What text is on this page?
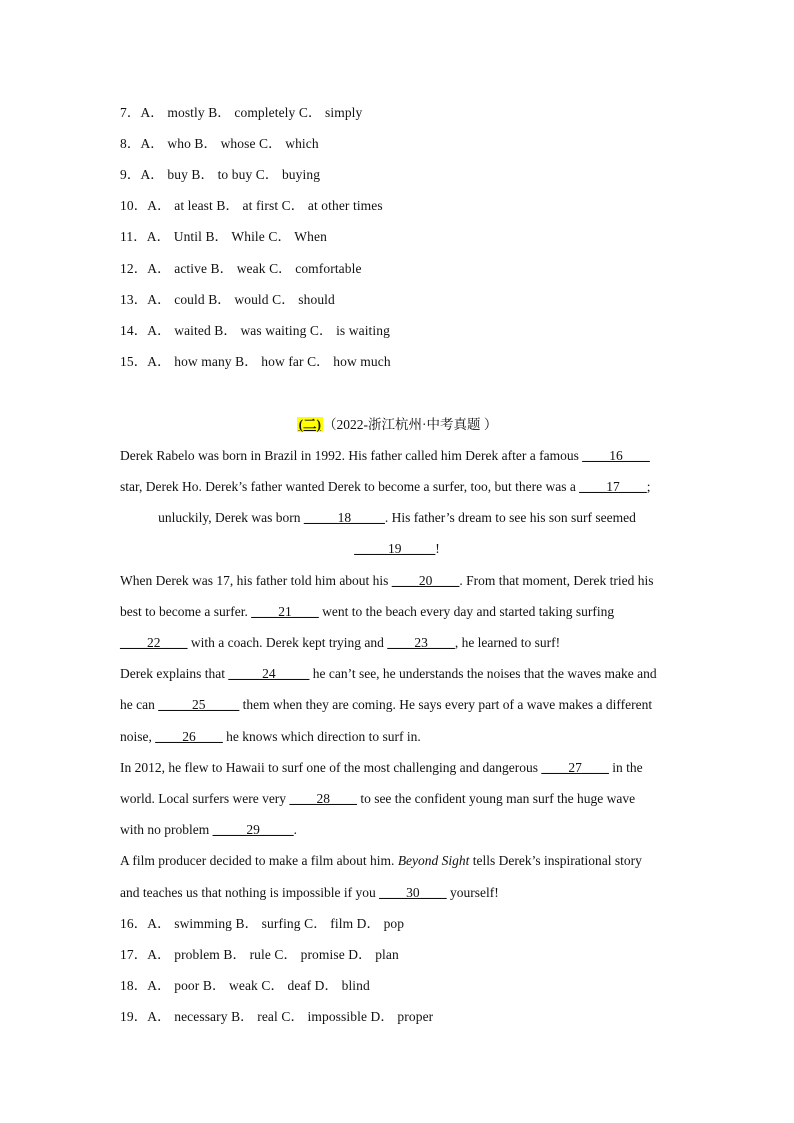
7．A． mostly B． completely C． simply
8．A． who B． whose C． which
9．A． buy B． to buy C． buying
10．A． at least B． at first C． at other times
11．A． Until B． While C． When
12．A． active B． weak C． comfortable
13．A． could B． would C． should
14．A． waited B． was waiting C． is waiting
15．A． how many B． how far C． how much
(二) （2022-浙江杭州·中考真题 ）
Derek Rabelo was born in Brazil in 1992. His father called him Derek after a famous ____16____
star, Derek Ho. Derek’s father wanted Derek to become a surfer, too, but there was a ____17____;
unluckily, Derek was born _____18_____. His father’s dream to see his son surf seemed
_____19_____!
When Derek was 17, his father told him about his ____20____. From that moment, Derek tried his
best to become a surfer. ____21____ went to the beach every day and started taking surfing
____22____ with a coach. Derek kept trying and ____23____, he learned to surf!
Derek explains that _____24_____ he can’t see, he understands the noises that the waves make and
he can _____25_____ them when they are coming. He says every part of a wave makes a different
noise, ____26____ he knows which direction to surf in.
In 2012, he flew to Hawaii to surf one of the most challenging and dangerous ____27____ in the
world. Local surfers were very ____28____ to see the confident young man surf the huge wave
with no problem _____29_____.
A film producer decided to make a film about him. Beyond Sight tells Derek’s inspirational story
and teaches us that nothing is impossible if you ____30____ yourself!
16．A． swimming B． surfing C． film D． pop
17．A． problem B． rule C． promise D． plan
18．A． poor B． weak C． deaf D． blind
19．A． necessary B． real C． impossible D． proper
